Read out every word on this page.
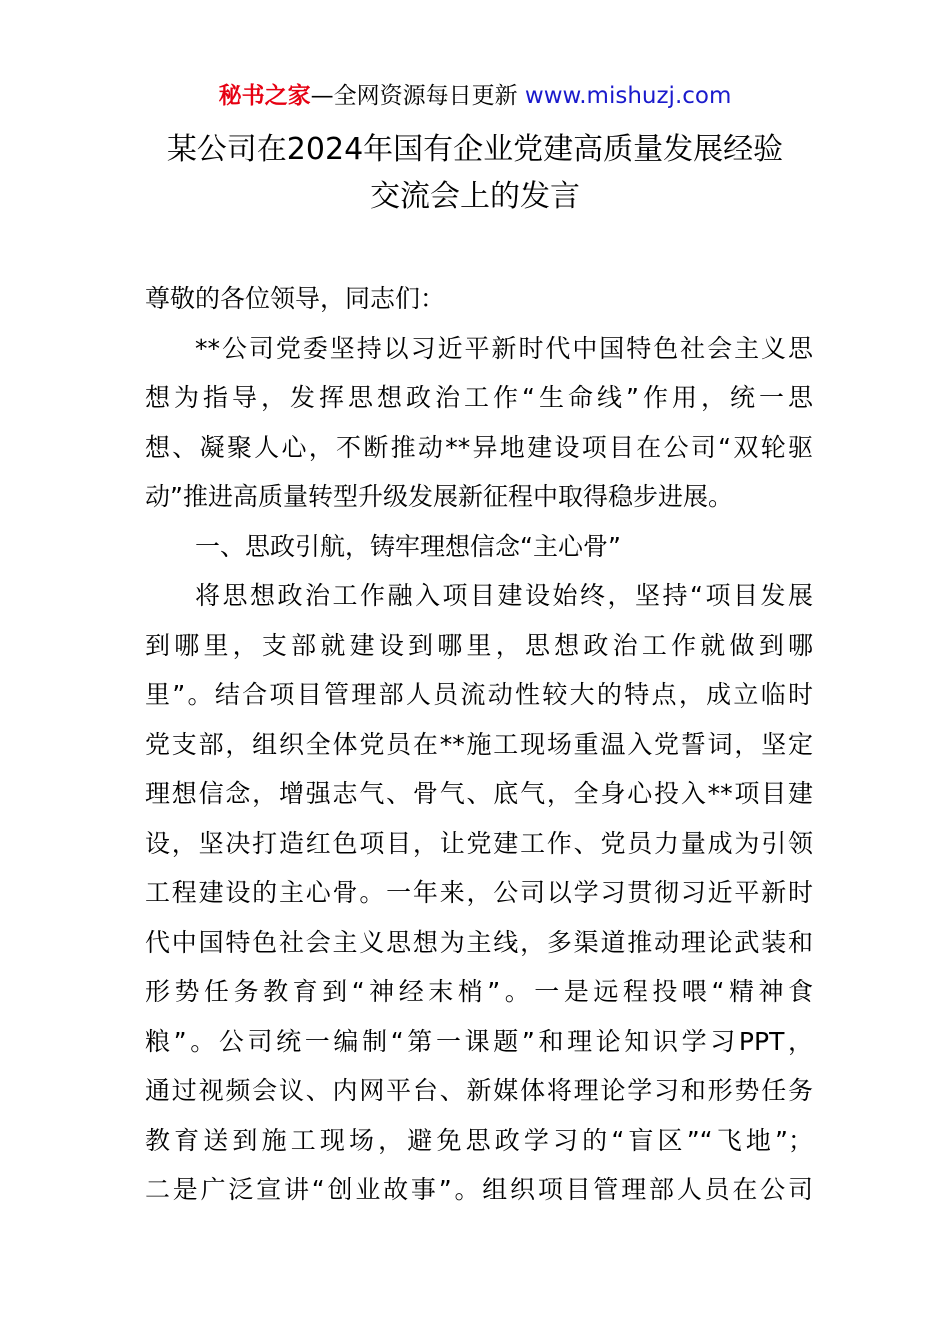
秘书之家—全网资源每日更新 www.mishuzj.com
某公司在2024年国有企业党建高质量发展经验
交流会上的发言
尊敬的各位领导，同志们：
**公司党委坚持以习近平新时代中国特色社会主义思
想为指导，发挥思想政治工作“生命线”作用，统一思
想、凝聚人心，不断推动**异地建设项目在公司“双轮驱
动”推进高质量转型升级发展新征程中取得稳步进展。
一、思政引航，铸牢理想信念“主心骨”
将思想政治工作融入项目建设始终，坚持“项目发展
到哪里，支部就建设到哪里，思想政治工作就做到哪
里”。结合项目管理部人员流动性较大的特点，成立临时
党支部，组织全体党员在**施工现场重温入党誓词，坚定
理想信念，增强志气、骨气、底气，全身心投入**项目建
设，坚决打造红色项目，让党建工作、党员力量成为引领
工程建设的主心骨。一年来，公司以学习贯彻习近平新时
代中国特色社会主义思想为主线，多渠道推动理论武装和
形势任务教育到“神经末梢”。一是远程投喂“精神食
粮”。公司统一编制“第一课题”和理论知识学习PPT，
通过视频会议、内网平台、新媒体将理论学习和形势任务
教育送到施工现场，避免思政学习的“盲区”“飞地”；
二是广泛宣讲“创业故事”。组织项目管理部人员在公司
